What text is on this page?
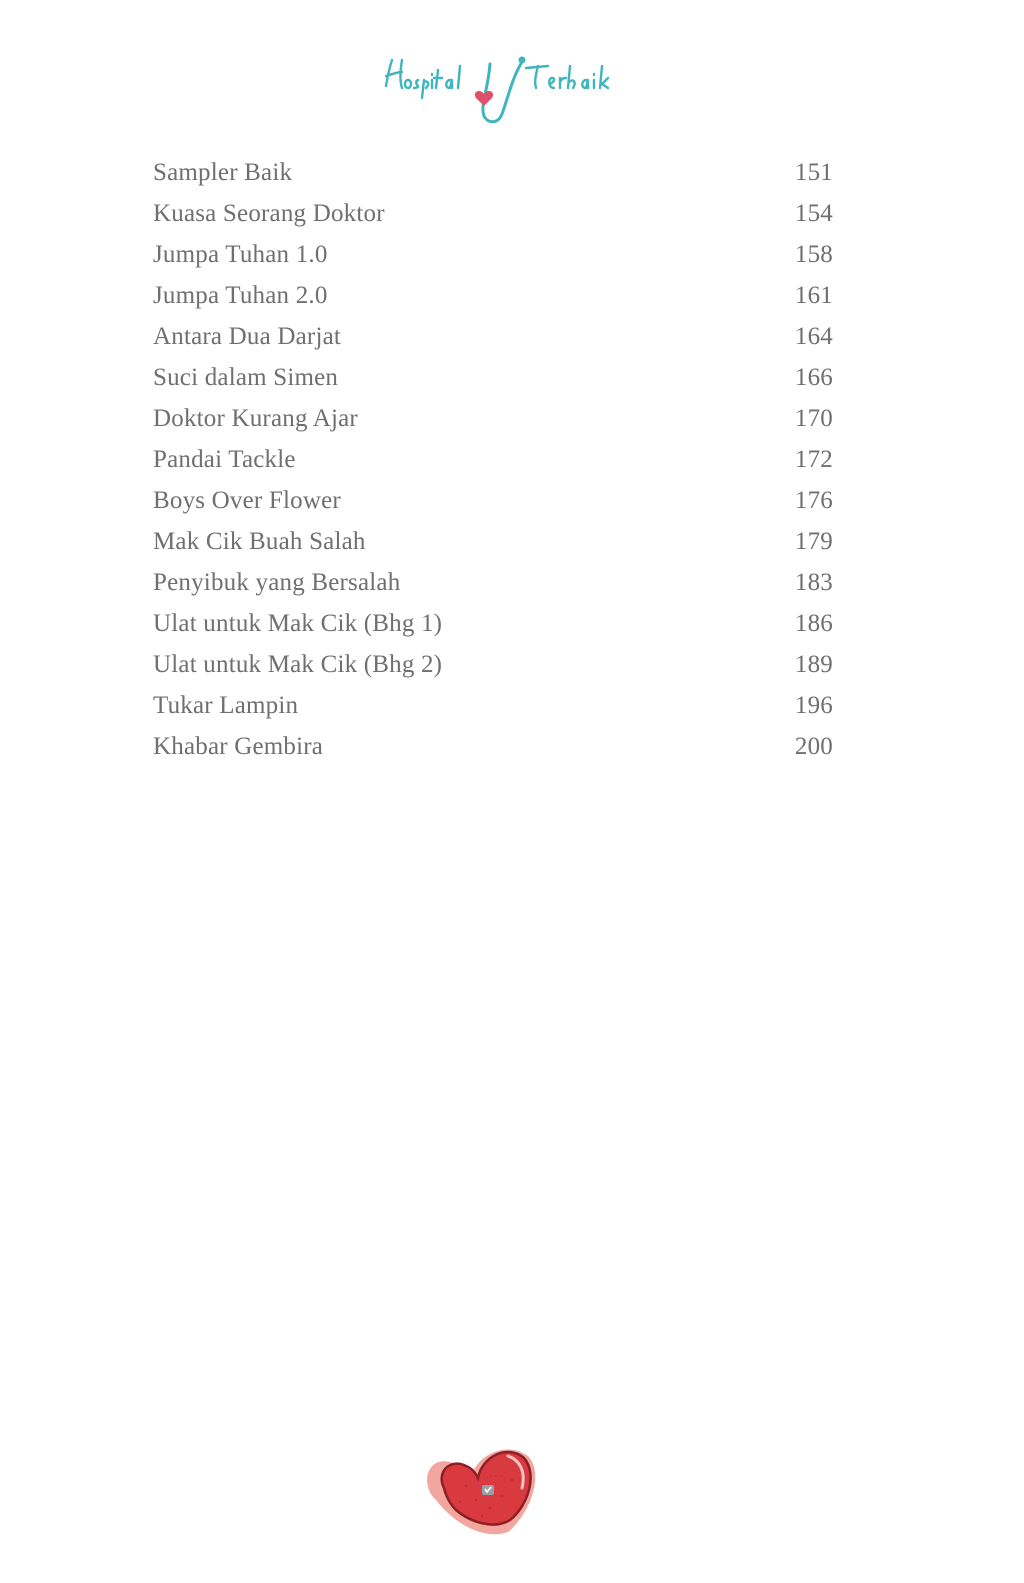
Sampler Baik	151
Kuasa Seorang Doktor	154
Jumpa Tuhan 1.0	158
Jumpa Tuhan 2.0	161
Antara Dua Darjat	164
Suci dalam Simen	166
Doktor Kurang Ajar	170
Pandai Tackle	172
Boys Over Flower	176
Mak Cik Buah Salah	179
Penyibuk yang Bersalah	183
Ulat untuk Mak Cik (Bhg 1)	186
Ulat untuk Mak Cik (Bhg 2)	189
Tukar Lampin	196
Khabar Gembira	200
